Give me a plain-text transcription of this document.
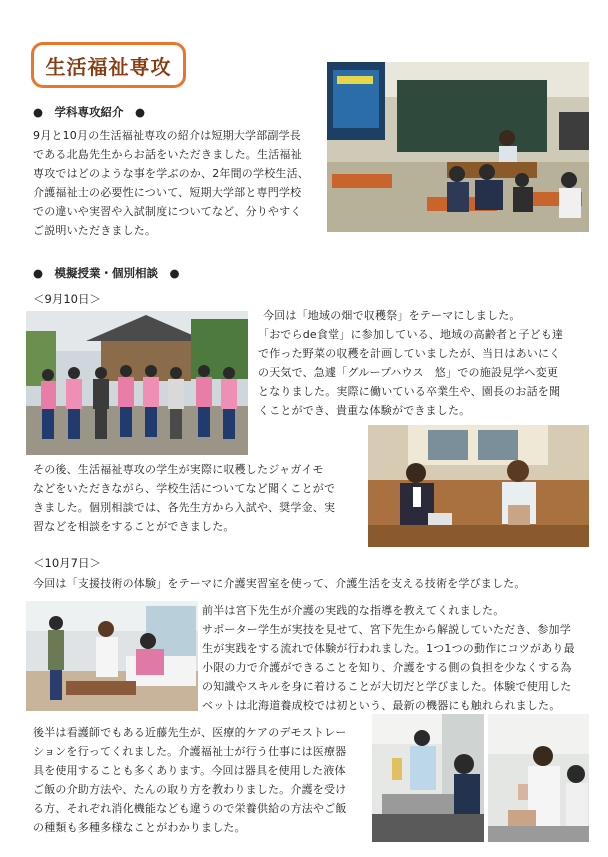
生活福祉専攻
●　学科専攻紹介　●
9月と10月の生活福祉専攻の紹介は短期大学部副学長
である北島先生からお話をいただきました。生活福祉
専攻ではどのような事を学ぶのか、2年間の学校生活、
介護福祉士の必要性について、短期大学部と専門学校
での違いや実習や入試制度についてなど、分りやすく
ご説明いただきました。
●　模擬授業・個別相談　●
＜9月10日＞
今回は「地域の畑で収穫祭」をテーマにしました。
「おでらde食堂」に参加している、地域の高齢者と子ども達
で作った野菜の収穫を計画していましたが、当日はあいにく
の天気で、急遽「グループハウス　悠」での施設見学へ変更
となりました。実際に働いている卒業生や、園長のお話を聞
くことができ、貴重な体験ができました。
その後、生活福祉専攻の学生が実際に収穫したジャガイモ
などをいただきながら、学校生活についてなど聞くことがで
きました。個別相談では、各先生方から入試や、奨学金、実
習などを相談をすることができました。
＜10月7日＞
今回は「支援技術の体験」をテーマに介護実習室を使って、介護生活を支える技術を学びました。
前半は宮下先生が介護の実践的な指導を教えてくれました。
サポーター学生が実技を見せて、宮下先生から解説していただき、参加学
生が実践をする流れで体験が行われました。1つ1つの動作にコツがあり最
小限の力で介護ができることを知り、介護をする側の負担を少なくする為
の知識やスキルを身に着けることが大切だと学びました。体験で使用した
ベットは北海道養成校では初という、最新の機器にも触れられました。
後半は看護師でもある近藤先生が、医療的ケアのデモストレー
ションを行ってくれました。介護福祉士が行う仕事には医療器
具を使用することも多くあります。今回は器具を使用した液体
ご飯の介助方法や、たんの取り方を教わりました。介護を受け
る方、それぞれ消化機能なども違うので栄養供給の方法やご飯
の種類も多種多様なことがわかりました。
